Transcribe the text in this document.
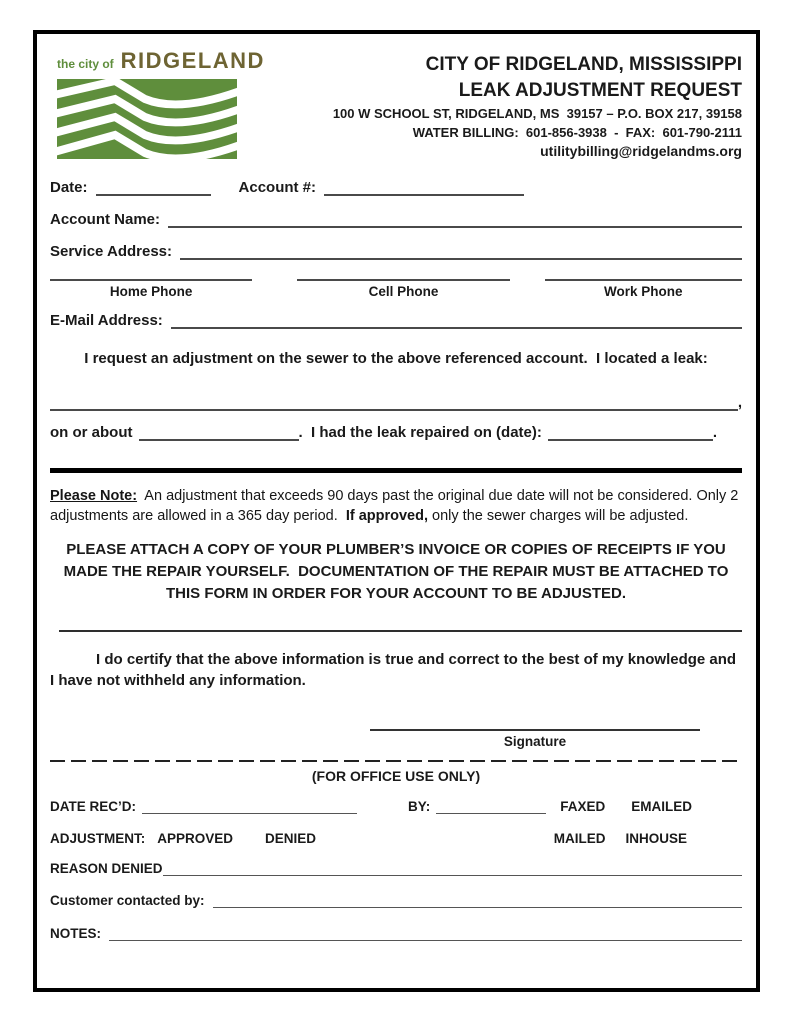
the city of RIDGELAND	CITY OF RIDGELAND, MISSISSIPPI
LEAK ADJUSTMENT REQUEST
100 W SCHOOL ST, RIDGELAND, MS  39157 – P.O. BOX 217, 39158
WATER BILLING:  601-856-3938  -  FAX:  601-790-2111
utilitybilling@ridgelandms.org
Date:	Account #:
Account Name:
Service Address:
Home Phone	Cell Phone	Work Phone
E-Mail Address:
I request an adjustment on the sewer to the above referenced account.  I located a leak:
,
on or about	.  I had the leak repaired on (date):	.

Please Note:  An adjustment that exceeds 90 days past the original due date will not be considered. Only 2 adjustments are allowed in a 365 day period.  If approved, only the sewer charges will be adjusted.

PLEASE ATTACH A COPY OF YOUR PLUMBER’S INVOICE OR COPIES OF RECEIPTS IF YOU MADE THE REPAIR YOURSELF.  DOCUMENTATION OF THE REPAIR MUST BE ATTACHED TO THIS FORM IN ORDER FOR YOUR ACCOUNT TO BE ADJUSTED.

I do certify that the above information is true and correct to the best of my knowledge and I have not withheld any information.

Signature
(FOR OFFICE USE ONLY)
DATE REC’D:	BY:	FAXED EMAILED
ADJUSTMENT: APPROVED DENIED	MAILED INHOUSE
REASON DENIED
Customer contacted by:
NOTES:
